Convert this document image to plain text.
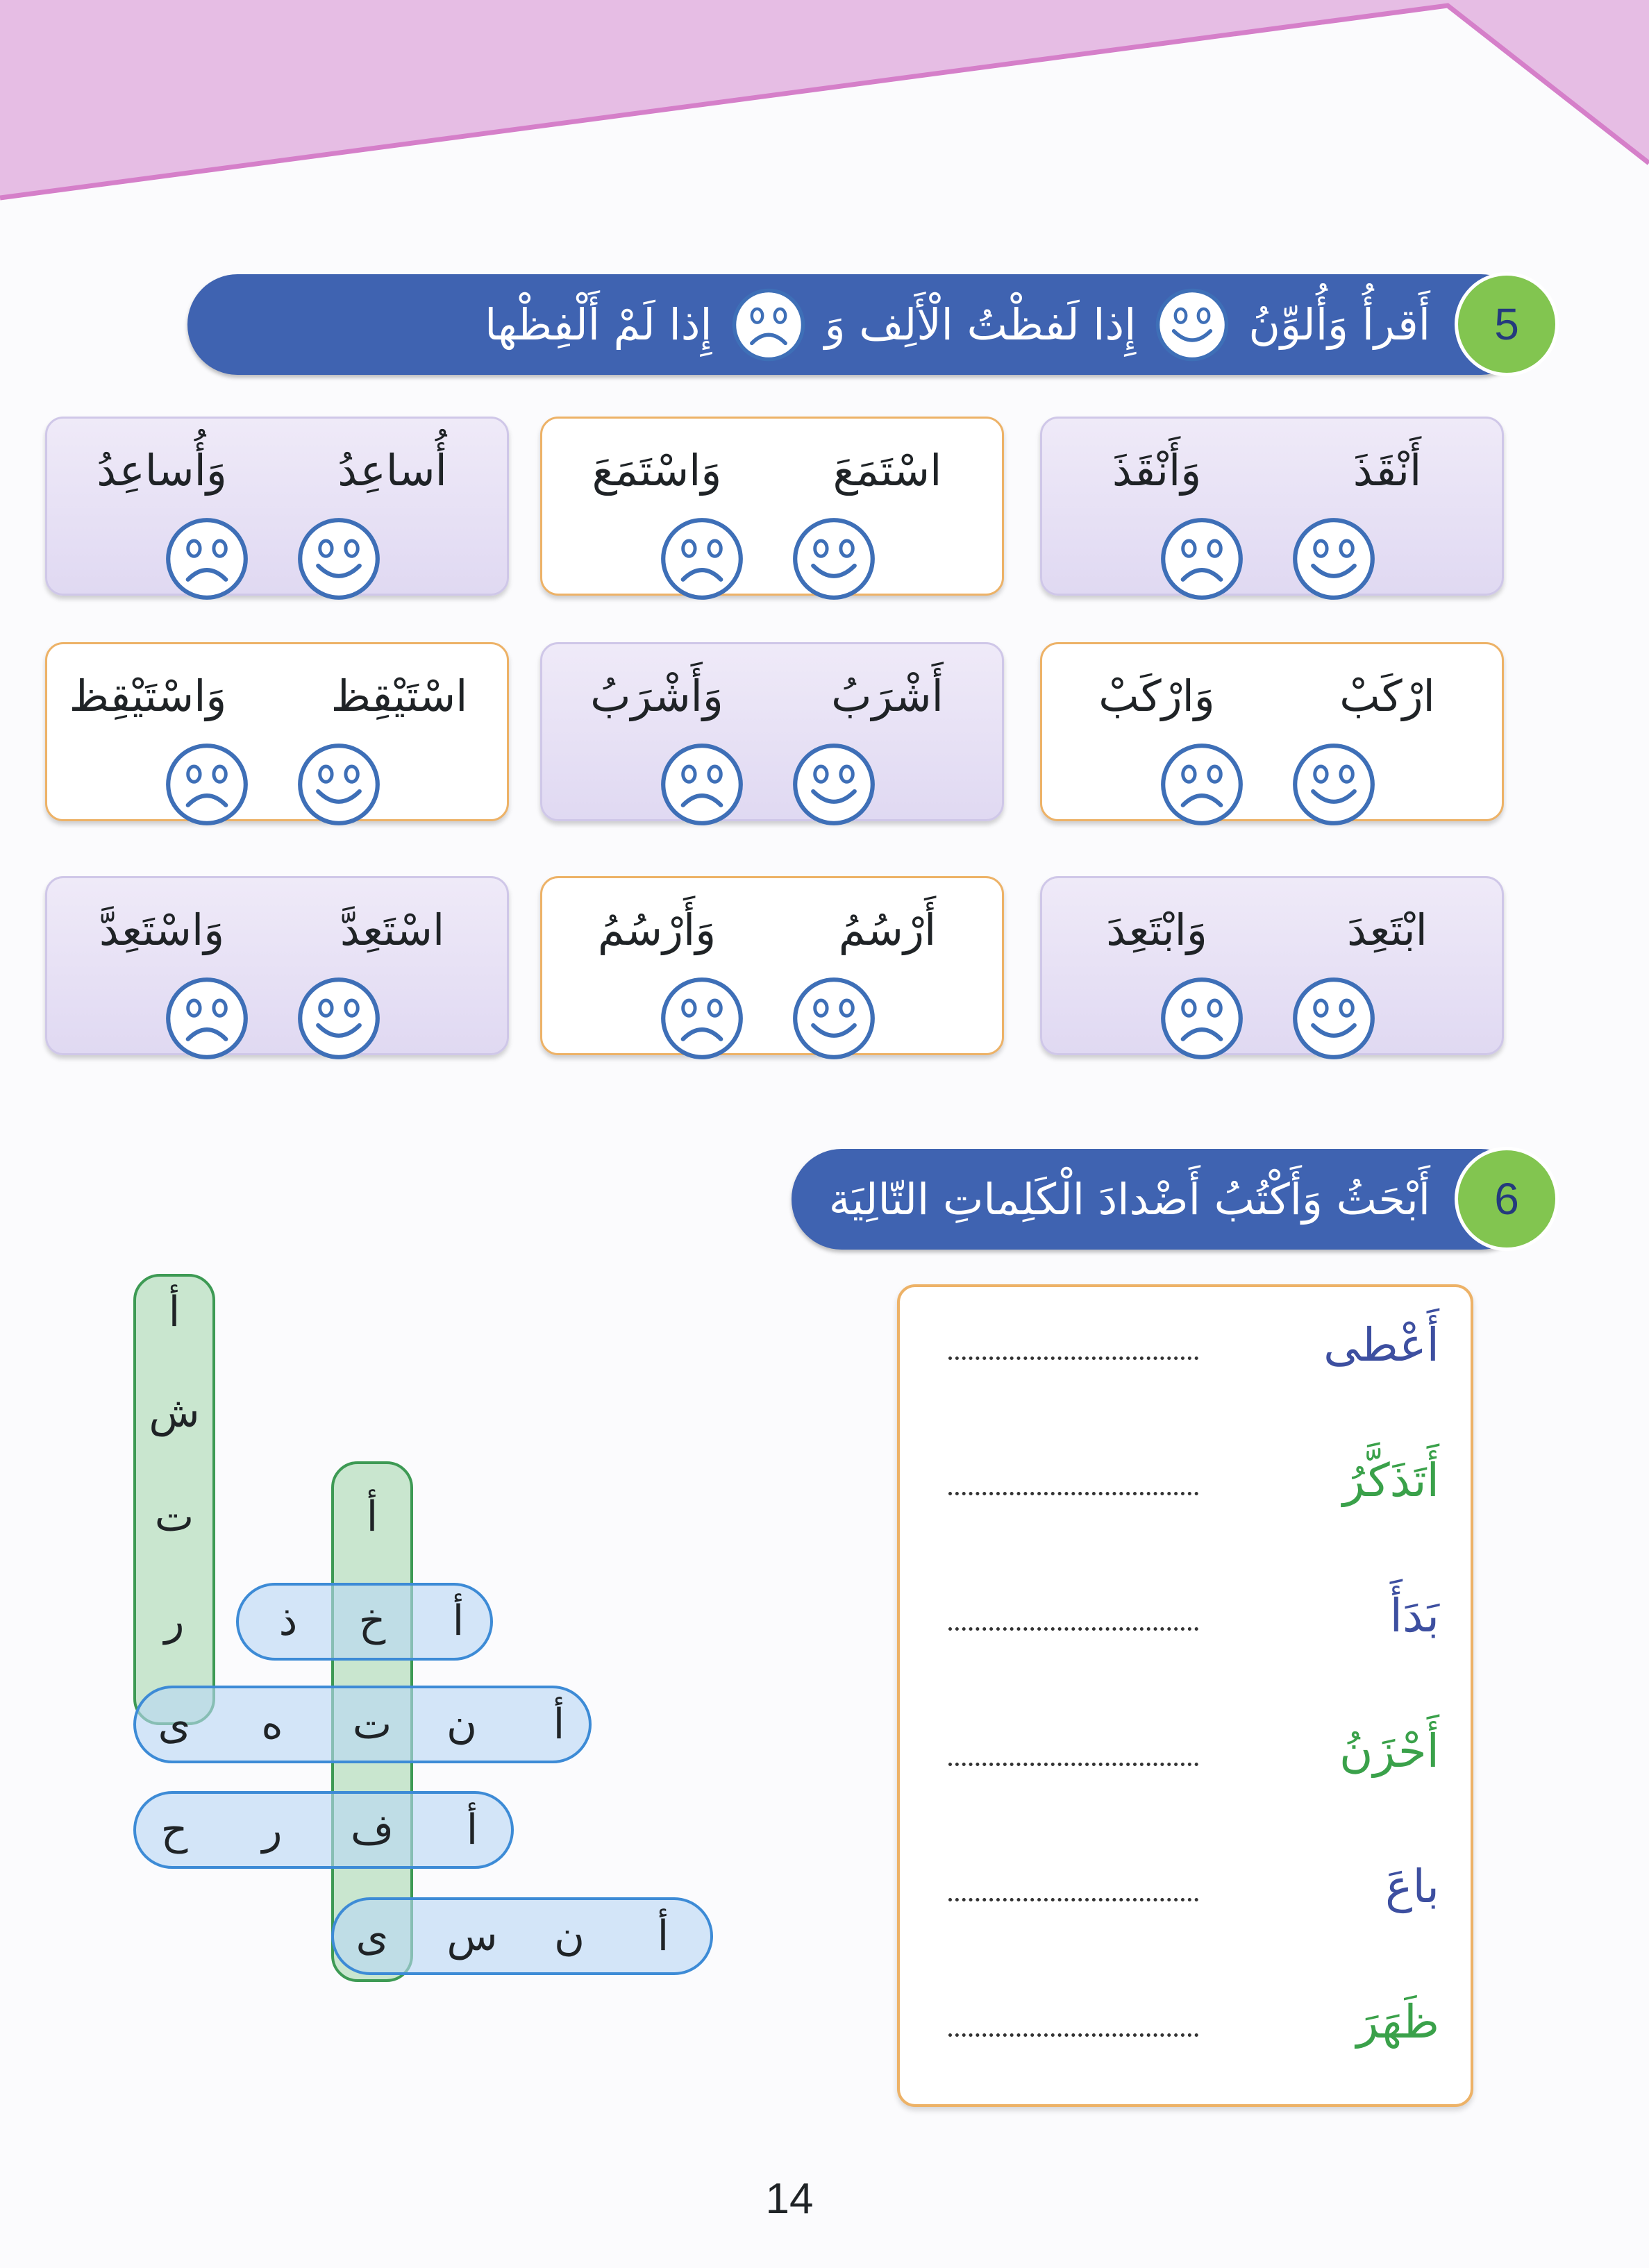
5
أَقرأُ وَأُلوِّنُ
إِذا لَفظْتُ الْأَلِف وَ
إِذا لَمْ أَلْفِظْها
أَنْقَذَ
وَأَنْقَذَ
اسْتَمَعَ
وَاسْتَمَعَ
أُساعِدُ
وَأُساعِدُ
ارْكَبْ
وَارْكَبْ
أَشْرَبُ
وَأَشْرَبُ
اسْتَيْقِظ
وَاسْتَيْقِظ
ابْتَعِدَ
وَابْتَعِدَ
أَرْسُمُ
وَأَرْسُمُ
اسْتَعِدَّ
وَاسْتَعِدَّ
6
أَبْحَثُ وَأَكْتُبُ أَضْدادَ الْكَلِماتِ التّالِيَة
أَعْطى
أَتَذَكَّرُ
بَدَأَ
أَحْزَنُ
باعَ
ظَهَرَ
أ
ش
ت
ر
ى
أ
خ
ت
ف
ى
أ
ذ
أ
ن
ه
أ
ر
ح
أ
ن
س
14
